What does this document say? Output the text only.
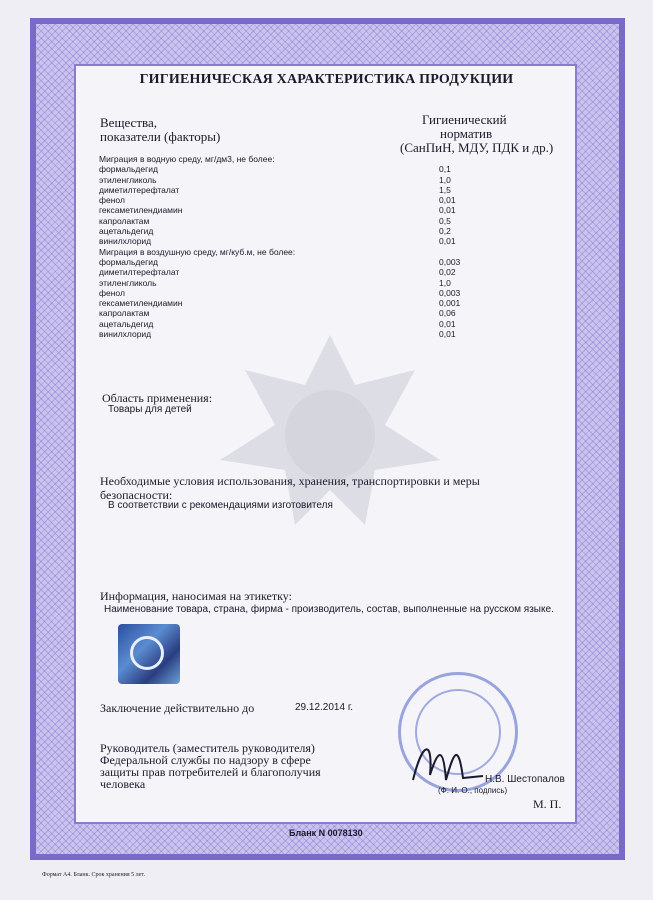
ГИГИЕНИЧЕСКАЯ ХАРАКТЕРИСТИКА ПРОДУКЦИИ
Вещества,
показатели (факторы)
Гигиенический
норматив
(СанПиН, МДУ, ПДК и др.)
Миграция в водную среду, мг/дм3, не более:
формальдегид	0,1
этиленгликоль	1,0
диметилтерефталат	1,5
фенол	0,01
гексаметилендиамин	0,01
капролактам	0,5
ацетальдегид	0,2
винилхлорид	0,01
Миграция в воздушную среду, мг/куб.м, не более:
формальдегид	0,003
диметилтерефталат	0,02
этиленгликоль	1,0
фенол	0,003
гексаметилендиамин	0,001
капролактам	0,06
ацетальдегид	0,01
винилхлорид	0,01
Область применения:
Товары для детей
Необходимые условия использования, хранения, транспортировки и меры
безопасности:
В соответствии с рекомендациями изготовителя
Информация, наносимая на этикетку:
Наименование товара, страна, фирма - производитель, состав, выполненные на русском языке.
Заключение действительно до	29.12.2014 г.
Руководитель (заместитель руководителя)
Федеральной службы по надзору в сфере
защиты прав потребителей и благополучия
человека	Н.В. Шестопалов
(Ф. И. О., подпись)
М. П.
Бланк N 0078130
Формат А4. Бланк. Срок хранения 5 лет.
